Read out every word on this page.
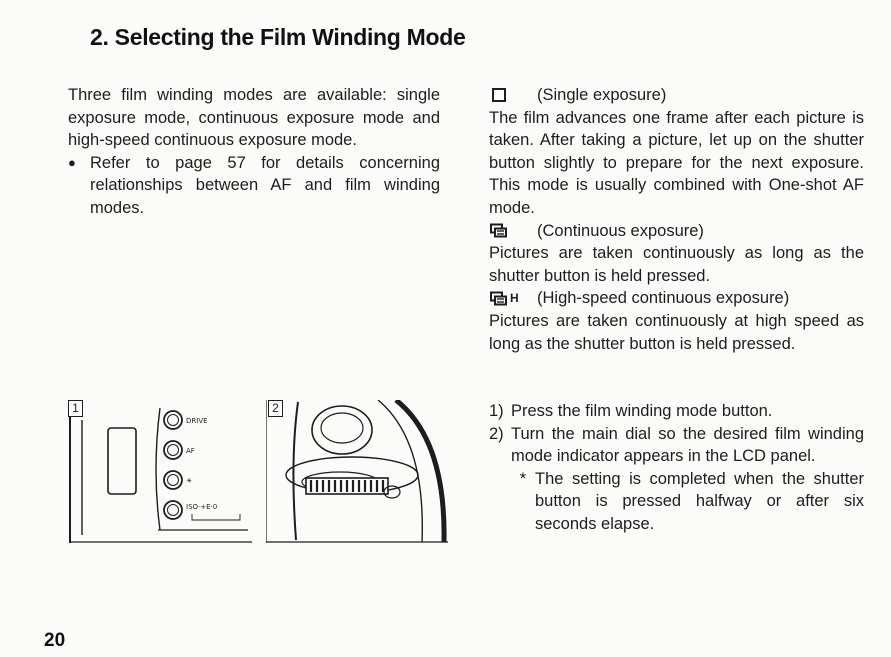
2. Selecting the Film Winding Mode

Three film winding modes are available: single exposure mode, continuous exposure mode and high-speed continuous exposure mode.

● Refer to page 57 for details concerning relationships between AF and film winding modes.
(Single exposure)

The film advances one frame after each picture is taken. After taking a picture, let up on the shutter button slightly to prepare for the next exposure. This mode is usually combined with One-shot AF mode.

(Continuous exposure)

Pictures are taken continuously as long as the shutter button is held pressed.

H (High-speed continuous exposure)

Pictures are taken continuously at high speed as long as the shutter button is held pressed.

1) Press the film winding mode button.
2) Turn the main dial so the desired film winding mode indicator appears in the LCD panel.
* The setting is completed when the shutter button is pressed halfway or after six seconds elapse.
DRIVE
AF
☀
ISO·+E·0
1	2
20
